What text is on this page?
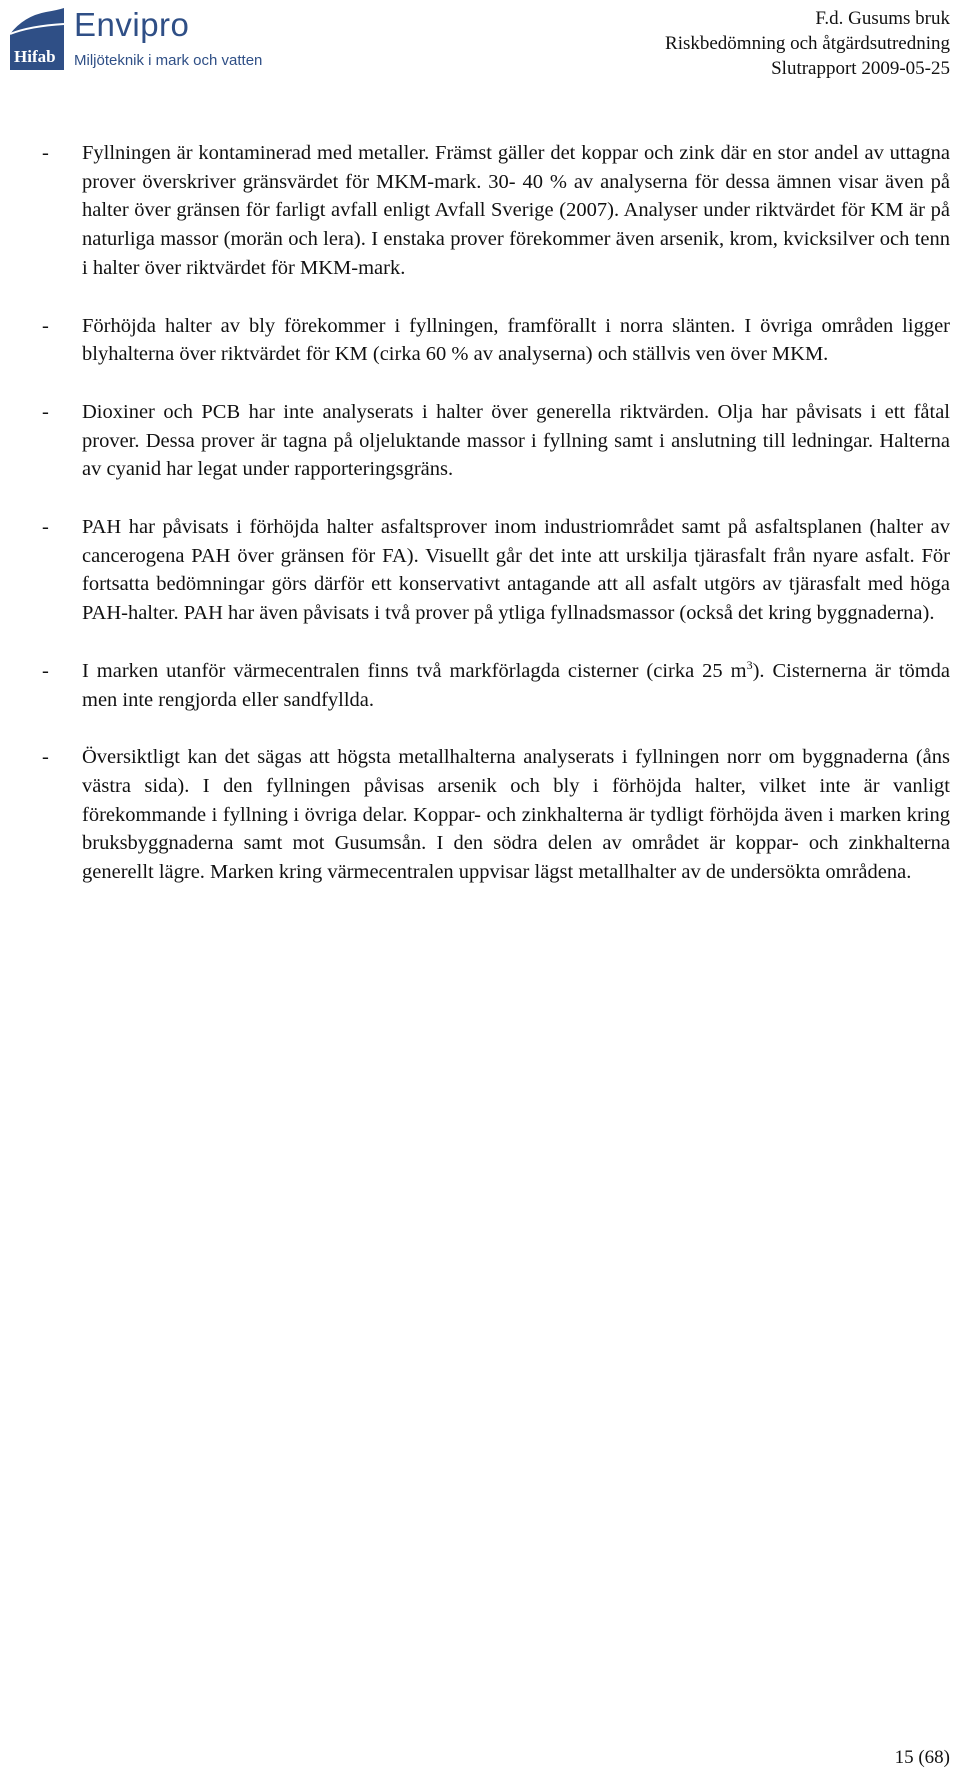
Hifab
Envipro
Miljöteknik i mark och vatten
F.d. Gusums bruk
Riskbedömning och åtgärdsutredning
Slutrapport 2009-05-25
- Fyllningen är kontaminerad med metaller. Främst gäller det koppar och zink där en stor andel av uttagna prover överskriver gränsvärdet för MKM-mark. 30- 40 % av analyserna för dessa ämnen visar även på halter över gränsen för farligt avfall enligt Avfall Sverige (2007). Analyser under riktvärdet för KM är på naturliga massor (morän och lera). I enstaka prover förekommer även arsenik, krom, kvicksilver och tenn i halter över riktvärdet för MKM-mark.
- Förhöjda halter av bly förekommer i fyllningen, framförallt i norra slänten. I övriga områden ligger blyhalterna över riktvärdet för KM (cirka 60 % av analyserna) och ställvis ven över MKM.
- Dioxiner och PCB har inte analyserats i halter över generella riktvärden. Olja har påvisats i ett fåtal prover. Dessa prover är tagna på oljeluktande massor i fyllning samt i anslutning till ledningar. Halterna av cyanid har legat under rapporteringsgräns.
- PAH har påvisats i förhöjda halter asfaltsprover inom industriområdet samt på asfaltsplanen (halter av cancerogena PAH över gränsen för FA). Visuellt går det inte att urskilja tjärasfalt från nyare asfalt. För fortsatta bedömningar görs därför ett konservativt antagande att all asfalt utgörs av tjärasfalt med höga PAH-halter. PAH har även påvisats i två prover på ytliga fyllnadsmassor (också det kring byggnaderna).
- I marken utanför värmecentralen finns två markförlagda cisterner (cirka 25 $m^3$). Cisternerna är tömda men inte rengjorda eller sandfyllda.
- Översiktligt kan det sägas att högsta metallhalterna analyserats i fyllningen norr om byggnaderna (åns västra sida). I den fyllningen påvisas arsenik och bly i förhöjda halter, vilket inte är vanligt förekommande i fyllning i övriga delar. Koppar- och zinkhalterna är tydligt förhöjda även i marken kring bruksbyggnaderna samt mot Gusumsån. I den södra delen av området är koppar- och zinkhalterna generellt lägre. Marken kring värmecentralen uppvisar lägst metallhalter av de undersökta områdena.
15 (68)
